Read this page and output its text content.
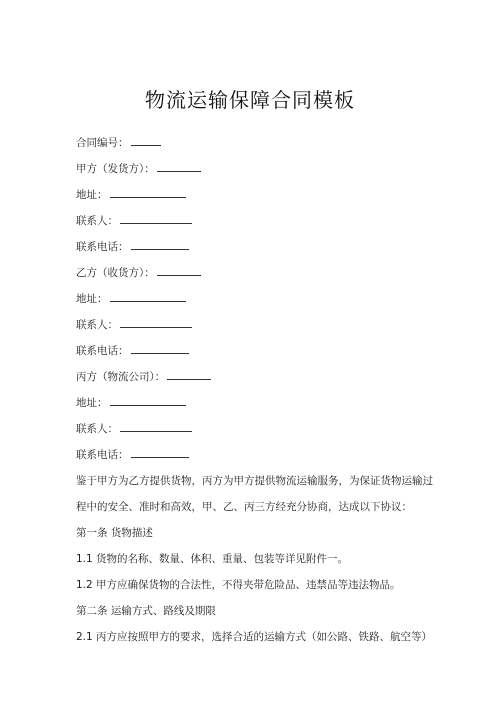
物流运输保障合同模板
合同编号：
甲方（发货方）：
地址：
联系人：
联系电话：
乙方（收货方）：
地址：
联系人：
联系电话：
丙方（物流公司）：
地址：
联系人：
联系电话：
鉴于甲方为乙方提供货物，丙方为甲方提供物流运输服务，为保证货物运输过
程中的安全、准时和高效，甲、乙、丙三方经充分协商，达成以下协议：
第一条 货物描述
1.1 货物的名称、数量、体积、重量、包装等详见附件一。
1.2 甲方应确保货物的合法性，不得夹带危险品、违禁品等违法物品。
第二条 运输方式、路线及期限
2.1 丙方应按照甲方的要求，选择合适的运输方式（如公路、铁路、航空等）
